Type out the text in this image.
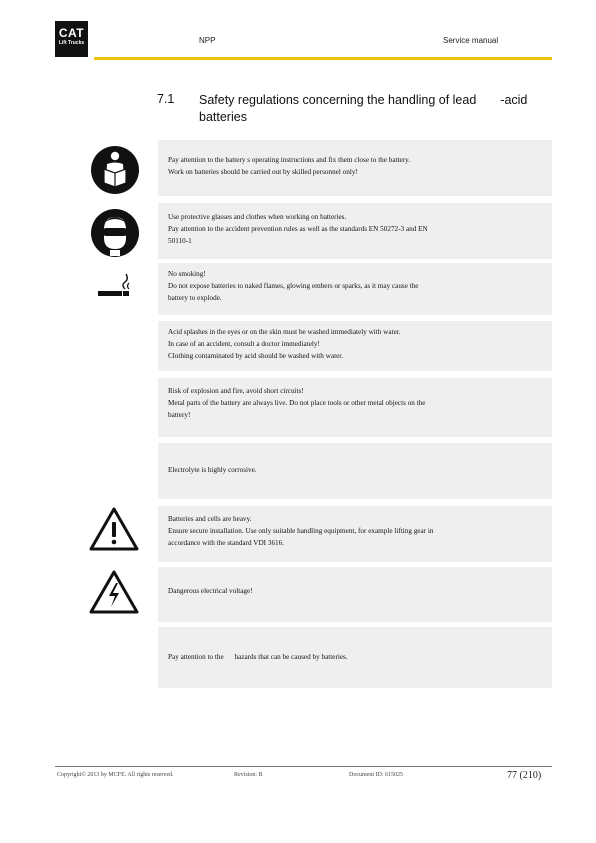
CAT
Lift Trucks	NPP	Service manual
7.1 Safety regulations concerning the handling of lead -acid
batteries
Pay attention to the battery s operating instructions and fix them close to the battery.
Work on batteries should be carried out by skilled personnel only!
Use protective glasses and clothes when working on batteries.
Pay attention to the accident prevention rules as well as the standards EN 50272-3 and EN
50110-1
No smoking!
Do not expose batteries to naked flames, glowing embers or sparks, as it may cause the
battery to explode.
Acid splashes in the eyes or on the skin must be washed immediately with water.
In case of an accident, consult a doctor immediately!
Clothing contaminated by acid should be washed with water.
Risk of explosion and fire, avoid short circuits!
Metal parts of the battery are always live. Do not place tools or other metal objects on the
battery!
Electrolyte is highly corrosive.
Batteries and cells are heavy.
Ensure secure installation. Use only suitable handling equipment, for example lifting gear in
accordance with the standard VDI 3616.
Dangerous electrical voltage!
Pay attention to the      hazards that can be caused by batteries.
Copyright© 2013 by MCFE. All rights reserved.	Revision: B	Document ID: 615025	77 (210)
